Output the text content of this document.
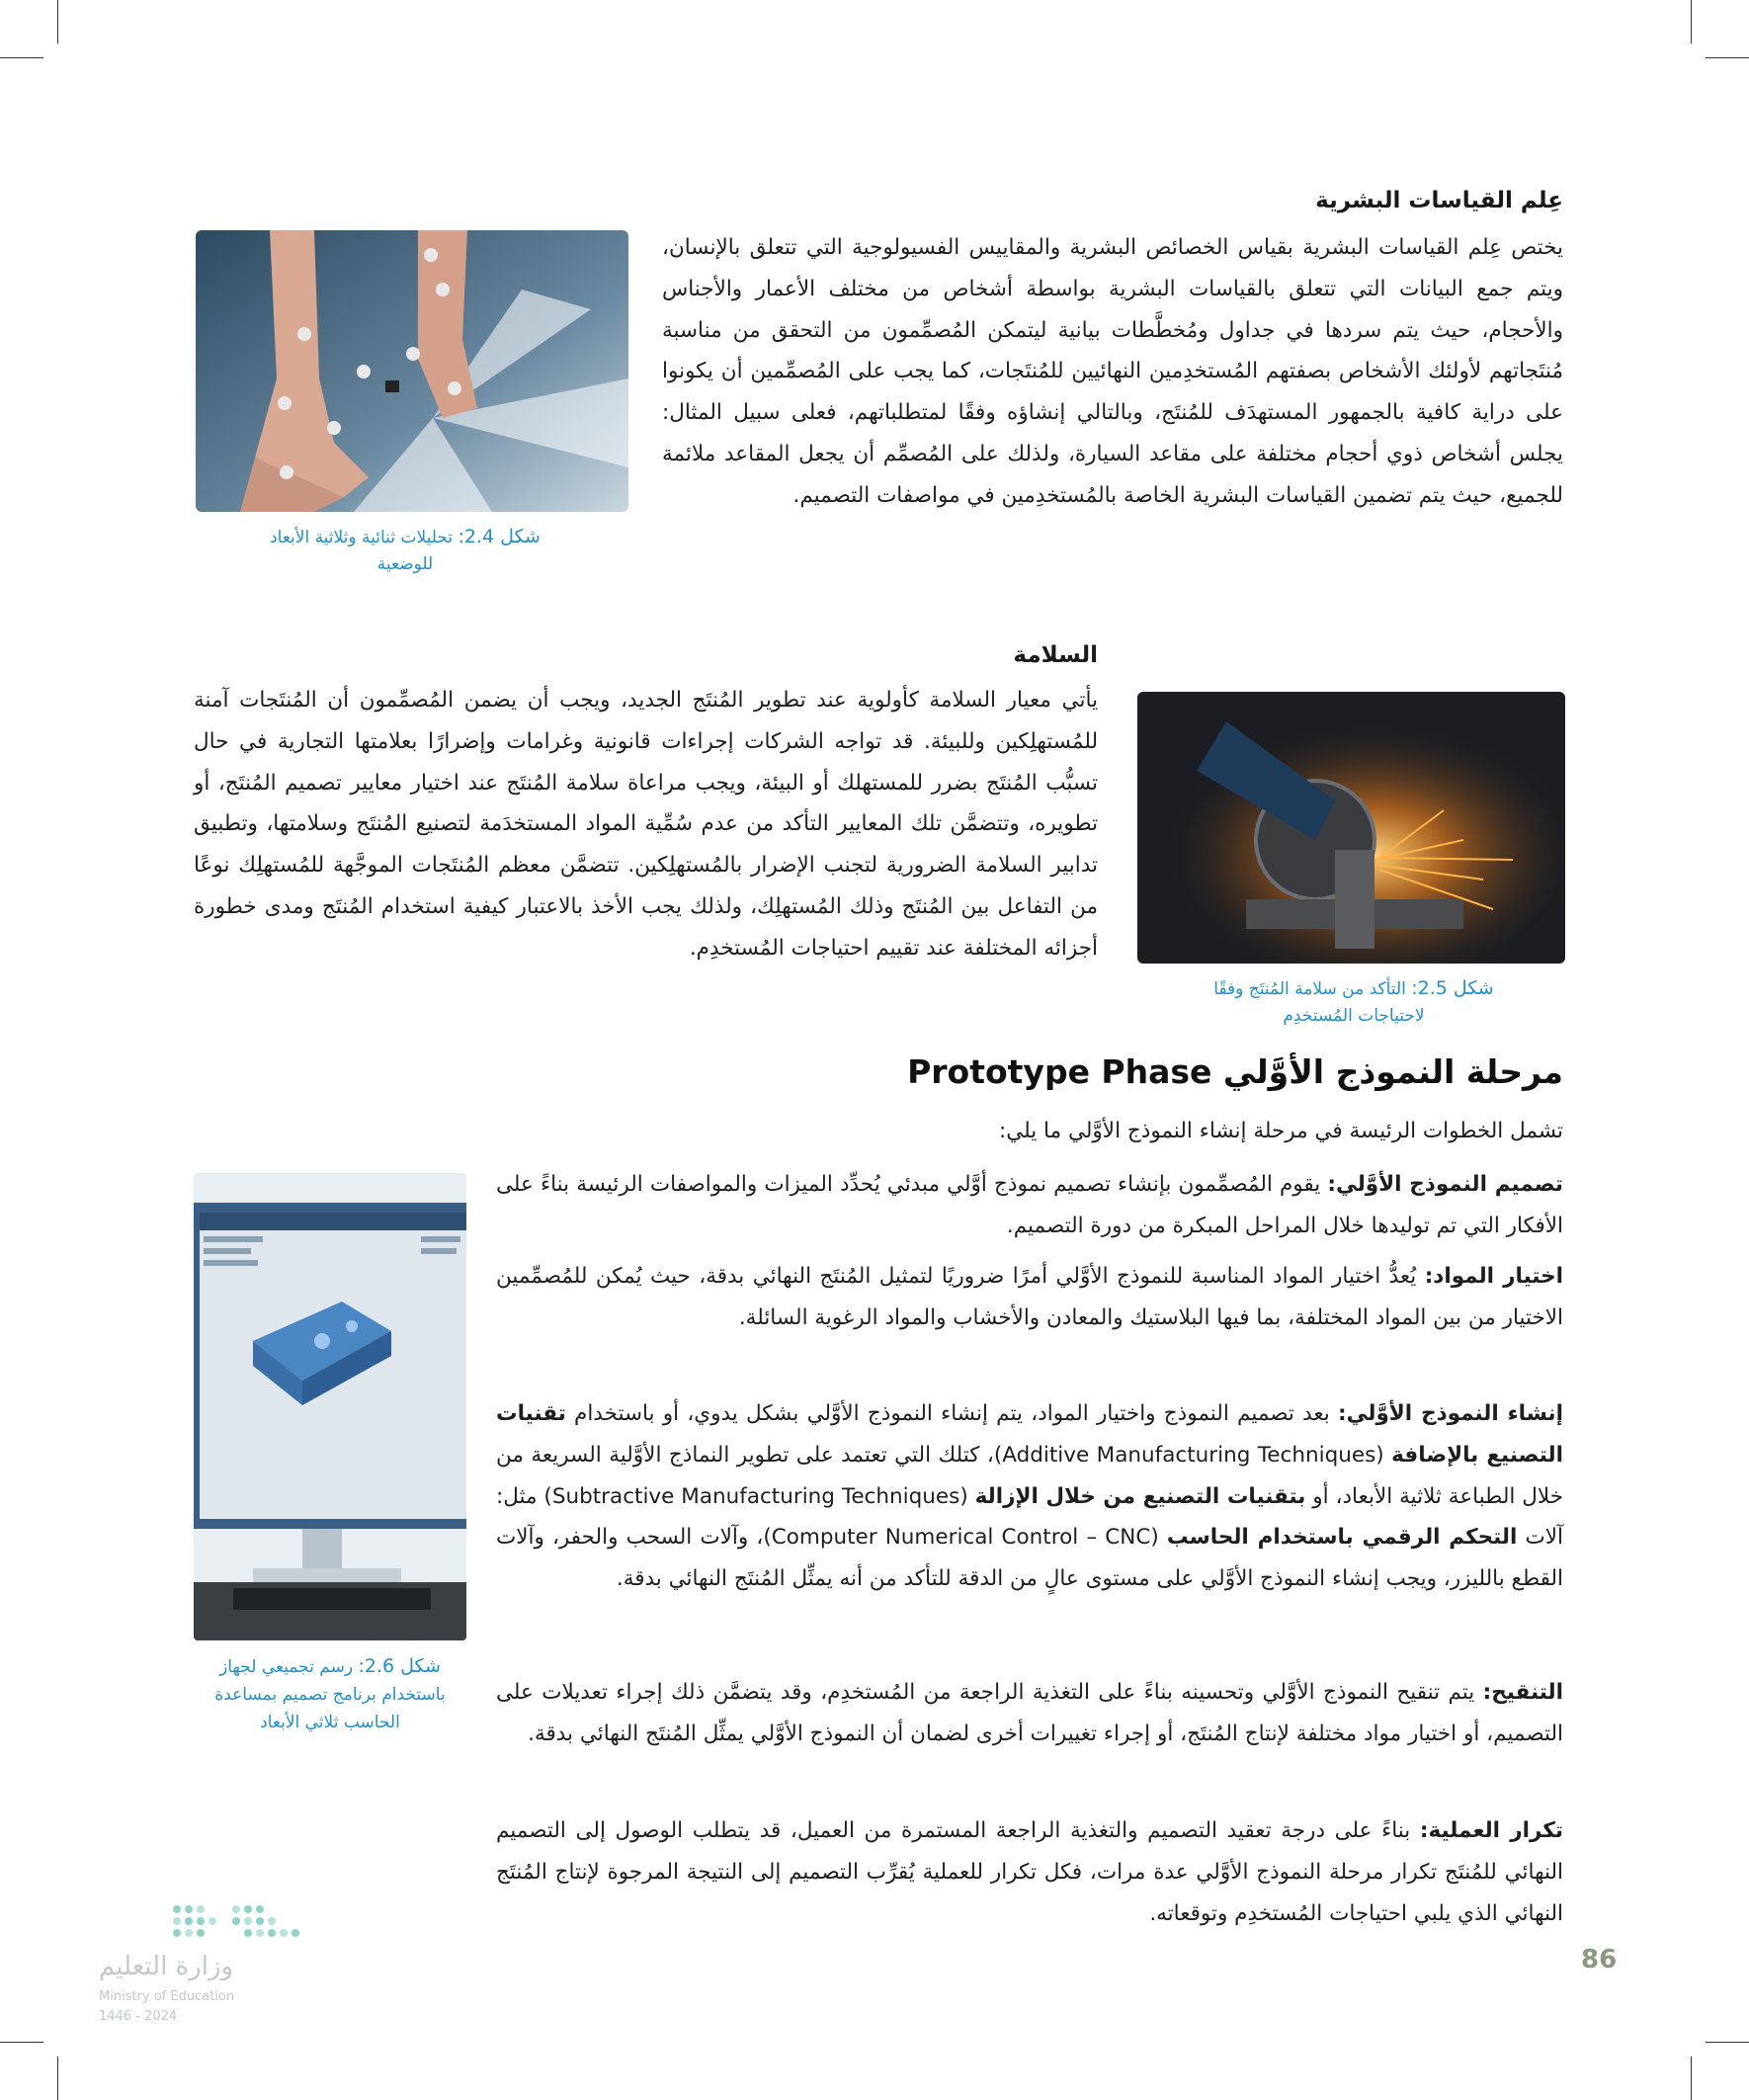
عِلم القياسات البشرية
يختص عِلم القياسات البشرية بقياس الخصائص البشرية والمقاييس الفسيولوجية التي تتعلق بالإنسان، ويتم جمع البيانات التي تتعلق بالقياسات البشرية بواسطة أشخاص من مختلف الأعمار والأجناس والأحجام، حيث يتم سردها في جداول ومُخطَّطات بيانية ليتمكن المُصمِّمون من التحقق من مناسبة مُنتَجاتهم لأولئك الأشخاص بصفتهم المُستخدِمين النهائيين للمُنتَجات، كما يجب على المُصمِّمين أن يكونوا على دراية كافية بالجمهور المستهدَف للمُنتَج، وبالتالي إنشاؤه وفقًا لمتطلباتهم، فعلى سبيل المثال: يجلس أشخاص ذوي أحجام مختلفة على مقاعد السيارة، ولذلك على المُصمِّم أن يجعل المقاعد ملائمة للجميع، حيث يتم تضمين القياسات البشرية الخاصة بالمُستخدِمين في مواصفات التصميم.
شكل 2.4: تحليلات ثنائية وثلاثية الأبعاد للوضعية
السلامة
يأتي معيار السلامة كأولوية عند تطوير المُنتَج الجديد، ويجب أن يضمن المُصمِّمون أن المُنتَجات آمنة للمُستهلِكين وللبيئة. قد تواجه الشركات إجراءات قانونية وغرامات وإضرارًا بعلامتها التجارية في حال تسبُّب المُنتَج بضرر للمستهلك أو البيئة، ويجب مراعاة سلامة المُنتَج عند اختيار معايير تصميم المُنتَج، أو تطويره، وتتضمَّن تلك المعايير التأكد من عدم سُمِّية المواد المستخدَمة لتصنيع المُنتَج وسلامتها، وتطبيق تدابير السلامة الضرورية لتجنب الإضرار بالمُستهلِكين. تتضمَّن معظم المُنتَجات الموجَّهة للمُستهلِك نوعًا من التفاعل بين المُنتَج وذلك المُستهلِك، ولذلك يجب الأخذ بالاعتبار كيفية استخدام المُنتَج ومدى خطورة أجزائه المختلفة عند تقييم احتياجات المُستخدِم.
شكل 2.5: التأكد من سلامة المُنتَج وفقًا لاحتياجات المُستخدِم
مرحلة النموذج الأوَّلي Prototype Phase
تشمل الخطوات الرئيسة في مرحلة إنشاء النموذج الأوَّلي ما يلي:
تصميم النموذج الأوَّلي: يقوم المُصمِّمون بإنشاء تصميم نموذج أوَّلي مبدئي يُحدِّد الميزات والمواصفات الرئيسة بناءً على الأفكار التي تم توليدها خلال المراحل المبكرة من دورة التصميم.
اختيار المواد: يُعدُّ اختيار المواد المناسبة للنموذج الأوَّلي أمرًا ضروريًا لتمثيل المُنتَج النهائي بدقة، حيث يُمكن للمُصمِّمين الاختيار من بين المواد المختلفة، بما فيها البلاستيك والمعادن والأخشاب والمواد الرغوية السائلة.
إنشاء النموذج الأوَّلي: بعد تصميم النموذج واختيار المواد، يتم إنشاء النموذج الأوَّلي بشكل يدوي، أو باستخدام تقنيات التصنيع بالإضافة (Additive Manufacturing Techniques)، كتلك التي تعتمد على تطوير النماذج الأوَّلية السريعة من خلال الطباعة ثلاثية الأبعاد، أو بتقنيات التصنيع من خلال الإزالة (Subtractive Manufacturing Techniques) مثل: آلات التحكم الرقمي باستخدام الحاسب (Computer Numerical Control – CNC)، وآلات السحب والحفر، وآلات القطع بالليزر، ويجب إنشاء النموذج الأوَّلي على مستوى عالٍ من الدقة للتأكد من أنه يمثِّل المُنتَج النهائي بدقة.
التنقيح: يتم تنقيح النموذج الأوَّلي وتحسينه بناءً على التغذية الراجعة من المُستخدِم، وقد يتضمَّن ذلك إجراء تعديلات على التصميم، أو اختيار مواد مختلفة لإنتاج المُنتَج، أو إجراء تغييرات أخرى لضمان أن النموذج الأوَّلي يمثِّل المُنتَج النهائي بدقة.
تكرار العملية: بناءً على درجة تعقيد التصميم والتغذية الراجعة المستمرة من العميل، قد يتطلب الوصول إلى التصميم النهائي للمُنتَج تكرار مرحلة النموذج الأوَّلي عدة مرات، فكل تكرار للعملية يُقرِّب التصميم إلى النتيجة المرجوة لإنتاج المُنتَج النهائي الذي يلبي احتياجات المُستخدِم وتوقعاته.
شكل 2.6: رسم تجميعي لجهاز باستخدام برنامج تصميم بمساعدة الحاسب ثلاثي الأبعاد
86
وزارة التعليم
Ministry of Education
2024 - 1446
